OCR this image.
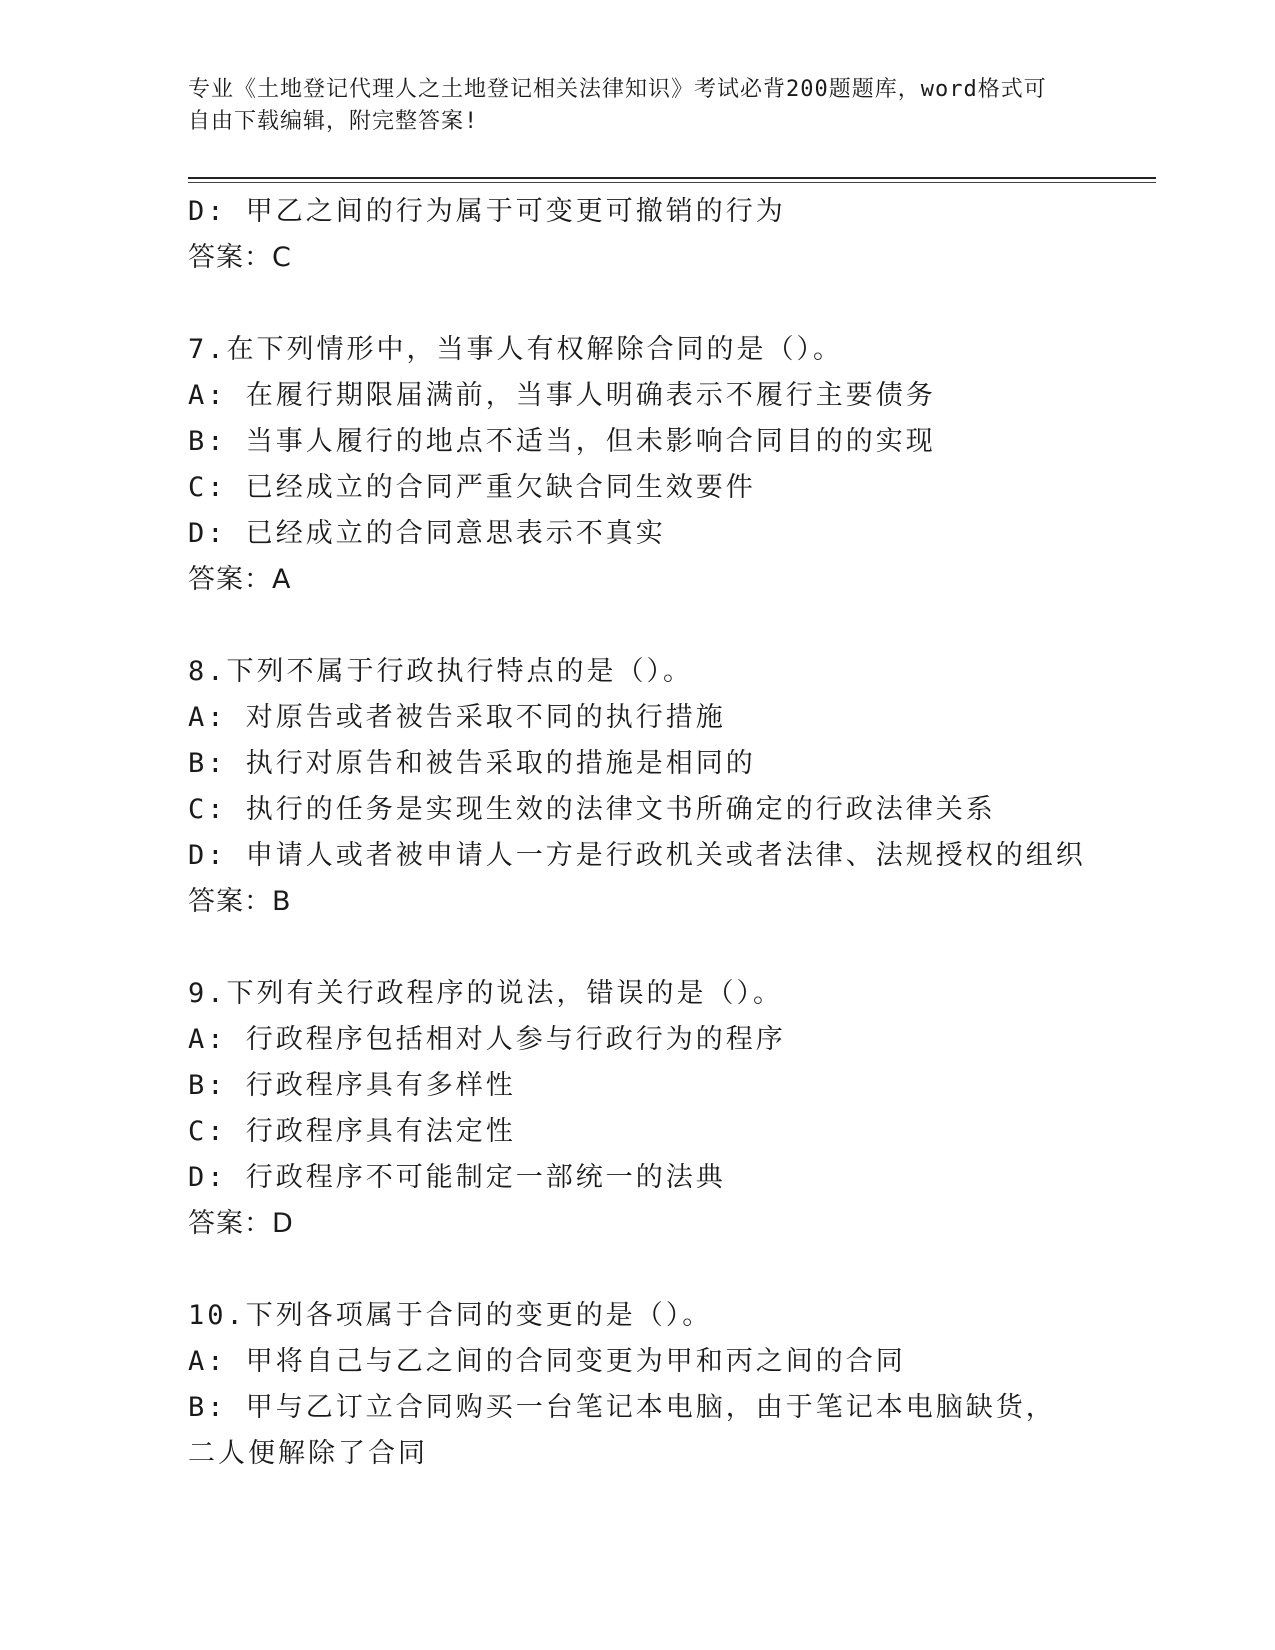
专业《土地登记代理人之土地登记相关法律知识》考试必背200题题库，word格式可自由下载编辑，附完整答案!
D: 甲乙之间的行为属于可变更可撤销的行为
答案：C
7.在下列情形中，当事人有权解除合同的是（）。
A: 在履行期限届满前，当事人明确表示不履行主要债务
B: 当事人履行的地点不适当，但未影响合同目的的实现
C: 已经成立的合同严重欠缺合同生效要件
D: 已经成立的合同意思表示不真实
答案：A
8.下列不属于行政执行特点的是（）。
A: 对原告或者被告采取不同的执行措施
B: 执行对原告和被告采取的措施是相同的
C: 执行的任务是实现生效的法律文书所确定的行政法律关系
D: 申请人或者被申请人一方是行政机关或者法律、法规授权的组织
答案：B
9.下列有关行政程序的说法，错误的是（）。
A: 行政程序包括相对人参与行政行为的程序
B: 行政程序具有多样性
C: 行政程序具有法定性
D: 行政程序不可能制定一部统一的法典
答案：D
10.下列各项属于合同的变更的是（）。
A: 甲将自己与乙之间的合同变更为甲和丙之间的合同
B: 甲与乙订立合同购买一台笔记本电脑，由于笔记本电脑缺货，二人便解除了合同
